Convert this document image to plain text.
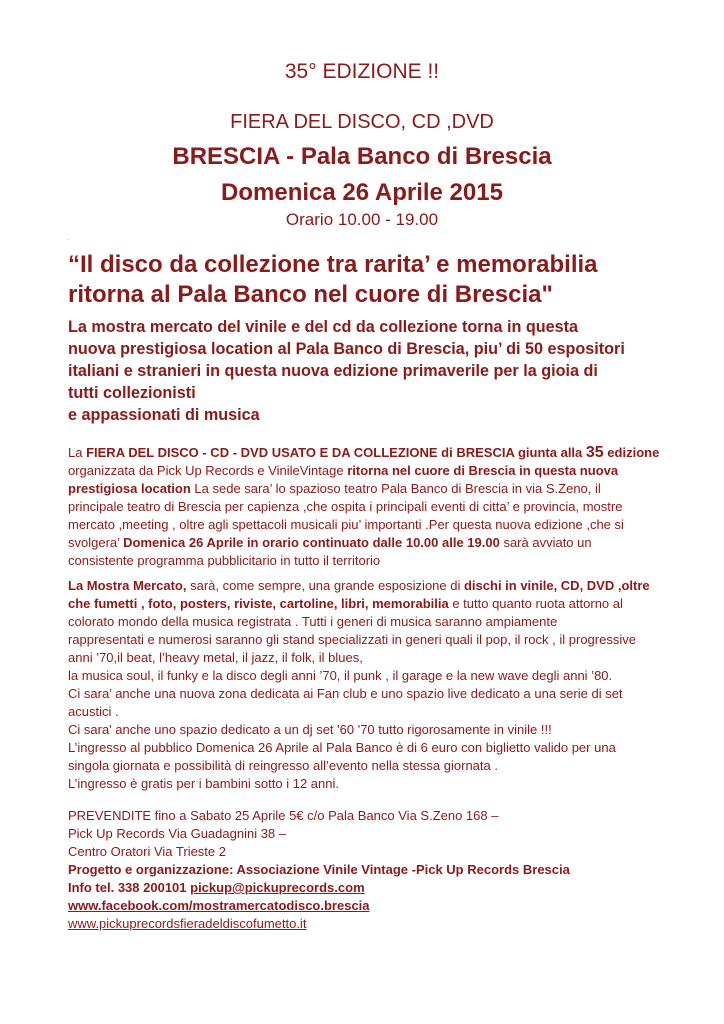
35° EDIZIONE !!
FIERA DEL DISCO, CD ,DVD
BRESCIA - Pala Banco di Brescia
Domenica 26 Aprile 2015
Orario 10.00 - 19.00
.
“Il disco da collezione tra rarita’ e memorabilia
ritorna al Pala Banco nel cuore di Brescia"
La mostra mercato del vinile e del cd da collezione torna in questa
nuova prestigiosa location al Pala Banco di Brescia, piu’ di 50 espositori
italiani e stranieri in questa nuova edizione primaverile per la gioia di
tutti collezionisti
e appassionati di musica
La FIERA DEL DISCO - CD - DVD USATO E DA COLLEZIONE di BRESCIA giunta alla 35 edizione
organizzata da Pick Up Records e VinileVintage ritorna nel cuore di Brescia in questa nuova
prestigiosa location La sede sara’ lo spazioso teatro Pala Banco di Brescia in via S.Zeno, il
principale teatro di Brescia per capienza ,che ospita i principali eventi di citta’ e provincia, mostre
mercato ,meeting , oltre agli spettacoli musicali piu’ importanti .Per questa nuova edizione ,che si
svolgera’ Domenica 26 Aprile in orario continuato dalle 10.00 alle 19.00 sarà avviato un
consistente programma pubblicitario in tutto il territorio
La Mostra Mercato, sarà, come sempre, una grande esposizione di dischi in vinile, CD, DVD ,oltre
che fumetti , foto, posters, riviste, cartoline, libri, memorabilia e tutto quanto ruota attorno al
colorato mondo della musica registrata . Tutti i generi di musica saranno ampiamente
rappresentati e numerosi saranno gli stand specializzati in generi quali il pop, il rock , il progressive
anni ’70,il beat, l’heavy metal, il jazz, il folk, il blues,
la musica soul, il funky e la disco degli anni ’70, il punk , il garage e la new wave degli anni ’80.
Ci sara’ anche una nuova zona dedicata ai Fan club e uno spazio live dedicato a una serie di set
acustici .
Ci sara' anche uno spazio dedicato a un dj set '60 '70 tutto rigorosamente in vinile !!!
L’ingresso al pubblico Domenica 26 Aprile al Pala Banco è di 6 euro con biglietto valido per una
singola giornata e possibilità di reingresso all’evento nella stessa giornata .
L’ingresso è gratis per i bambini sotto i 12 anni.
PREVENDITE fino a Sabato 25 Aprile 5€ c/o Pala Banco Via S.Zeno 168 –
Pick Up Records Via Guadagnini 38 –
Centro Oratori Via Trieste 2
Progetto e organizzazione: Associazione Vinile Vintage -Pick Up Records Brescia
Info tel. 338 200101 pickup@pickuprecords.com
www.facebook.com/mostramercatodisco.brescia
www.pickuprecordsfieradeldiscofumetto.it
